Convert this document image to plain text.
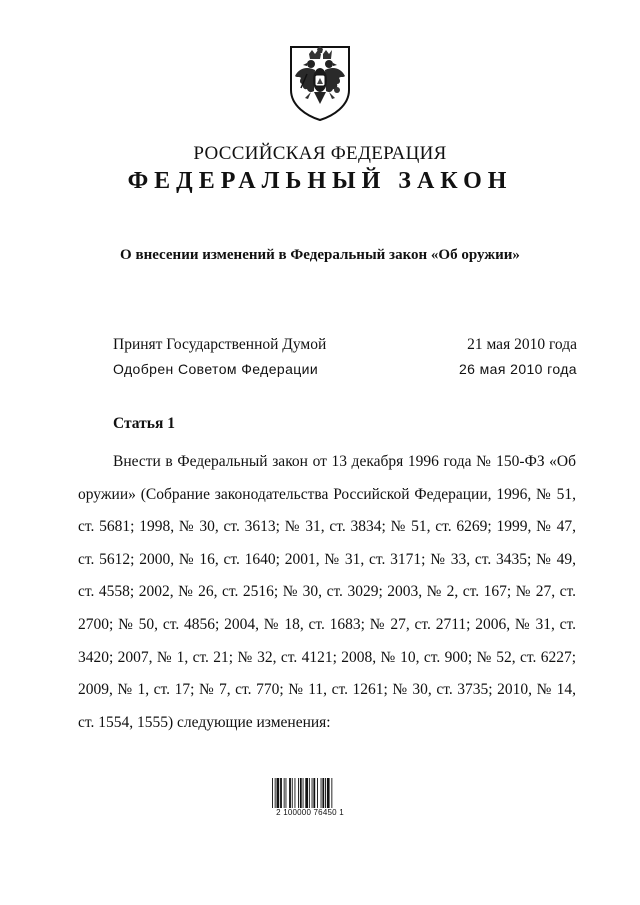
РОССИЙСКАЯ ФЕДЕРАЦИЯ
ФЕДЕРАЛЬНЫЙ ЗАКОН
О внесении изменений в Федеральный закон «Об оружии»
Принят Государственной Думой	21 мая 2010 года
Одобрен Советом Федерации	26 мая 2010 года
Статья 1

Внести в Федеральный закон от 13 декабря 1996 года № 150-ФЗ «Об оружии» (Собрание законодательства Российской Федерации, 1996, № 51, ст. 5681; 1998, № 30, ст. 3613; № 31, ст. 3834; № 51, ст. 6269; 1999, № 47, ст. 5612; 2000, № 16, ст. 1640; 2001, № 31, ст. 3171; № 33, ст. 3435; № 49, ст. 4558; 2002, № 26, ст. 2516; № 30, ст. 3029; 2003, № 2, ст. 167; № 27, ст. 2700; № 50, ст. 4856; 2004, № 18, ст. 1683; № 27, ст. 2711; 2006, № 31, ст. 3420; 2007, № 1, ст. 21; № 32, ст. 4121; 2008, № 10, ст. 900; № 52, ст. 6227; 2009, № 1, ст. 17; № 7, ст. 770; № 11, ст. 1261; № 30, ст. 3735; 2010, № 14, ст. 1554, 1555) следующие изменения:

2 100000 76450 1
